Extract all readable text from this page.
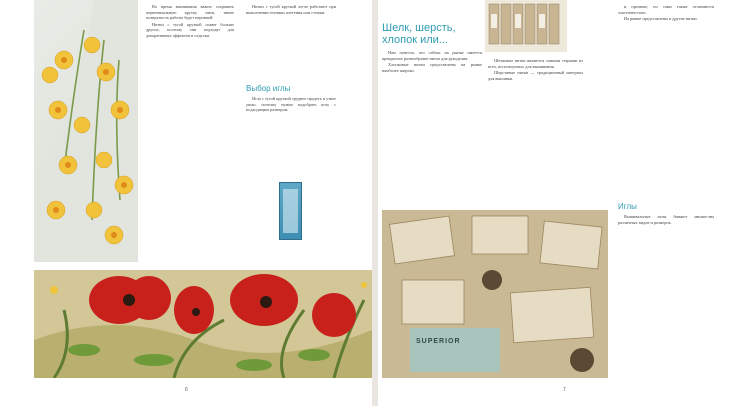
Во время вышивания важно сохранять первоначальную крутку нити, иначе поверхность работы будет неровной.

Нитки с тугой круткой сияют больше других, поэтому они подходят для декоративных эффектов и отделки.

Нитки с тугой круткой легче работают при выполнении техники плетения или стежки.

Выбор иглы

Игла с тугой круткой труднее продеть в узкое ушко, поэтому нужно подобрать иглу с подходящим размером.

6
Шелк, шерсть, хлопок или...

Нам повезло, что сейчас на рынке имеется прекрасное разнообразие ниток для рукоделия.

Хлопковые нитки представлены на рынке наиболее широко.

Шелковые нитки являются самыми старыми из всех, используемых для вышивания.

Шерстяные нитки — традиционный материал для вышивки.

и прочные, но сами также отличаются эластичностью.

На рынке представлены и другие нитки.

Иглы

Вышивальные иглы бывают множества различных видов и размеров.

SUPERIOR
7
